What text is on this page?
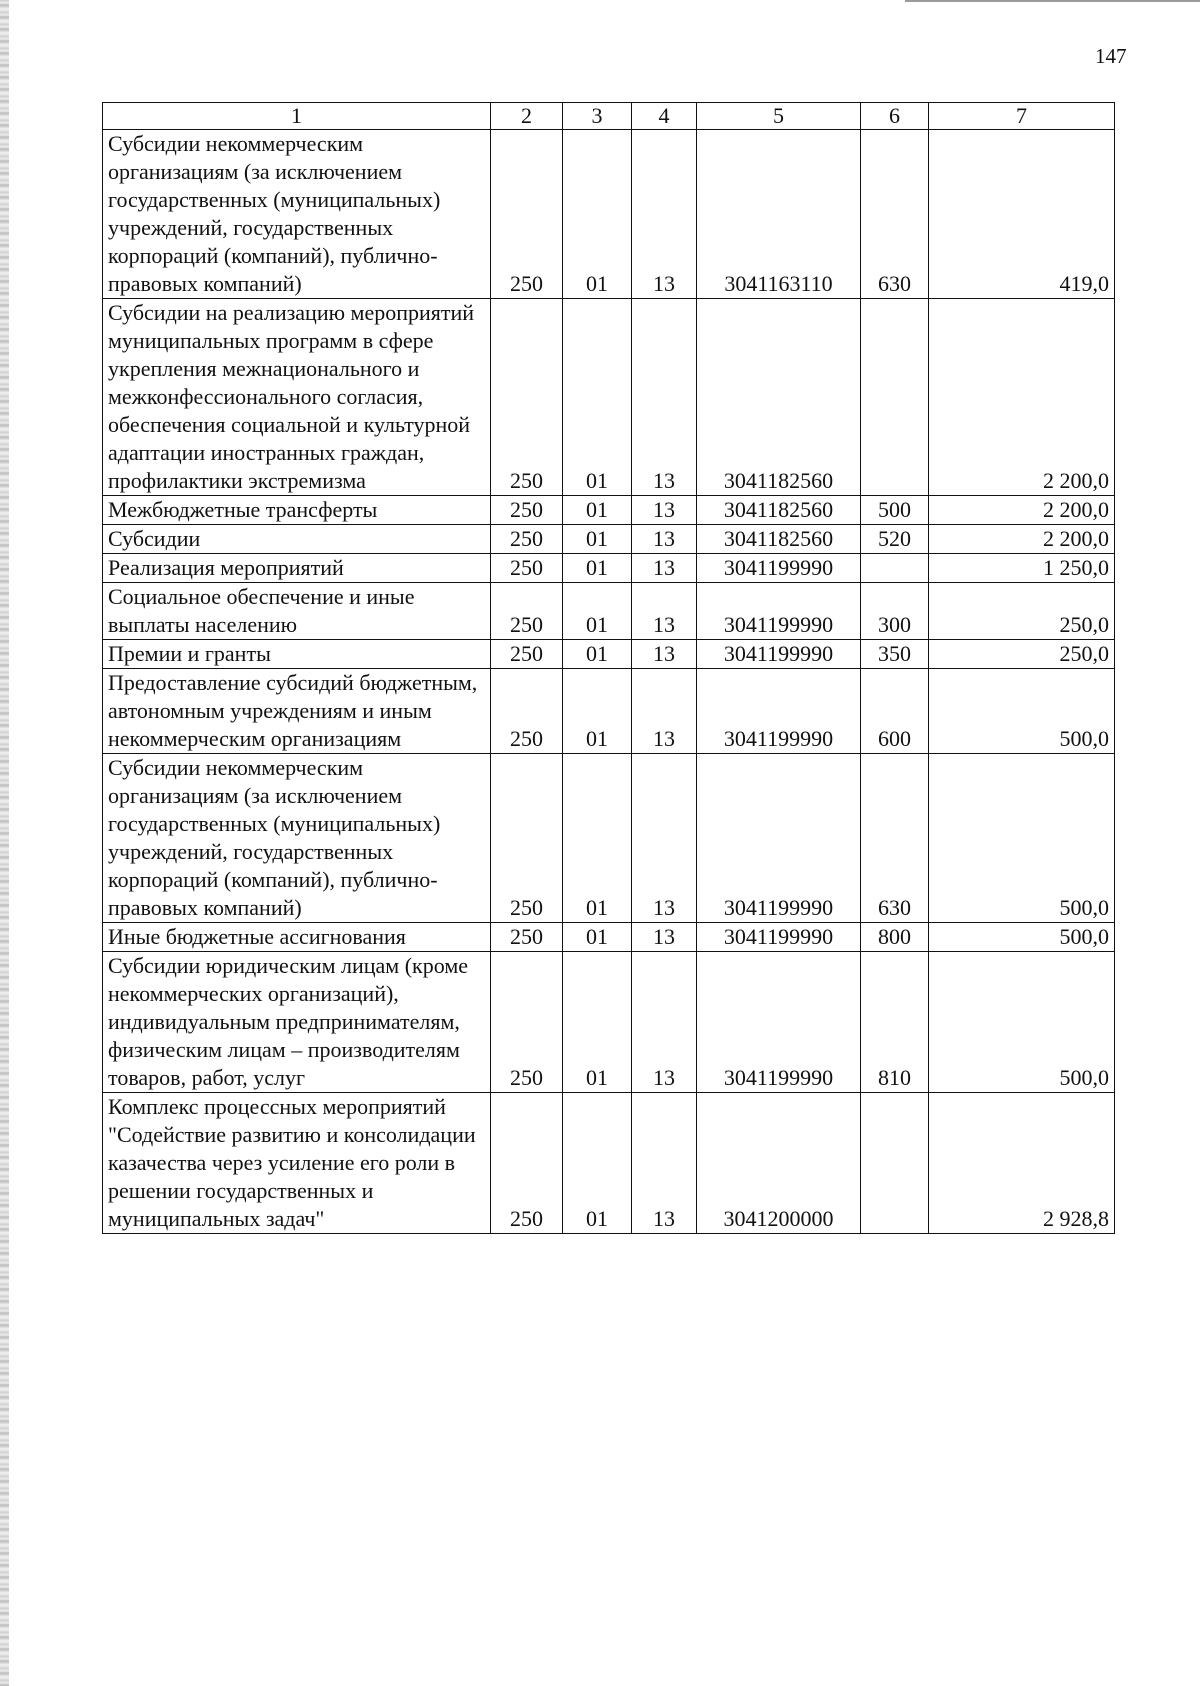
147
1	2	3	4	5	6	7
Субсидии некоммерческим организациям (за исключением государственных (муниципальных) учреждений, государственных корпораций (компаний), публично-правовых компаний)	250	01	13	3041163110	630	419,0
Субсидии на реализацию мероприятий муниципальных программ в сфере укрепления межнационального и межконфессионального согласия, обеспечения социальной и культурной адаптации иностранных граждан, профилактики экстремизма	250	01	13	3041182560		2 200,0
Межбюджетные трансферты	250	01	13	3041182560	500	2 200,0
Субсидии	250	01	13	3041182560	520	2 200,0
Реализация мероприятий	250	01	13	3041199990		1 250,0
Социальное обеспечение и иные выплаты населению	250	01	13	3041199990	300	250,0
Премии и гранты	250	01	13	3041199990	350	250,0
Предоставление субсидий бюджетным, автономным учреждениям и иным некоммерческим организациям	250	01	13	3041199990	600	500,0
Субсидии некоммерческим организациям (за исключением государственных (муниципальных) учреждений, государственных корпораций (компаний), публично-правовых компаний)	250	01	13	3041199990	630	500,0
Иные бюджетные ассигнования	250	01	13	3041199990	800	500,0
Субсидии юридическим лицам (кроме некоммерческих организаций), индивидуальным предпринимателям, физическим лицам – производителям товаров, работ, услуг	250	01	13	3041199990	810	500,0
Комплекс процессных мероприятий "Содействие развитию и консолидации казачества через усиление его роли в решении государственных и муниципальных задач"	250	01	13	3041200000		2 928,8
